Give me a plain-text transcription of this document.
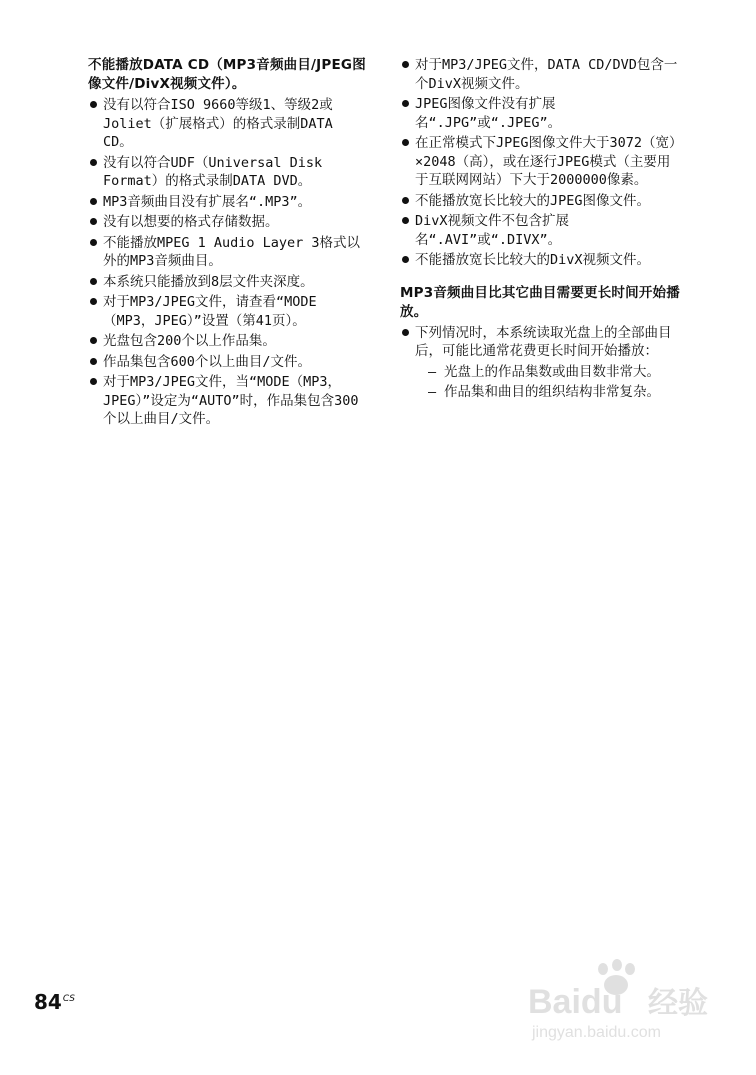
不能播放DATA CD（MP3音频曲目/JPEG图像文件/DivX视频文件）。
没有以符合ISO 9660等级1、等级2或Joliet（扩展格式）的格式录制DATA CD。
没有以符合UDF（Universal Disk Format）的格式录制DATA DVD。
MP3音频曲目没有扩展名“.MP3”。
没有以想要的格式存储数据。
不能播放MPEG 1 Audio Layer 3格式以外的MP3音频曲目。
本系统只能播放到8层文件夹深度。
对于MP3/JPEG文件，请查看“MODE（MP3，JPEG）”设置（第41页）。
光盘包含200个以上作品集。
作品集包含600个以上曲目/文件。
对于MP3/JPEG文件，当“MODE（MP3，JPEG）”设定为“AUTO”时，作品集包含300个以上曲目/文件。
对于MP3/JPEG文件，DATA CD/DVD包含一个DivX视频文件。
JPEG图像文件没有扩展名“.JPG”或“.JPEG”。
在正常模式下JPEG图像文件大于3072（宽）×2048（高），或在逐行JPEG模式（主要用于互联网网站）下大于2000000像素。
不能播放宽长比较大的JPEG图像文件。
DivX视频文件不包含扩展名“.AVI”或“.DIVX”。
不能播放宽长比较大的DivX视频文件。
MP3音频曲目比其它曲目需要更长时间开始播放。
下列情况时，本系统读取光盘上的全部曲目后，可能比通常花费更长时间开始播放：
– 光盘上的作品集数或曲目数非常大。
– 作品集和曲目的组织结构非常复杂。
$84^{CS}$	Baidu 经验
jingyan.baidu.com
